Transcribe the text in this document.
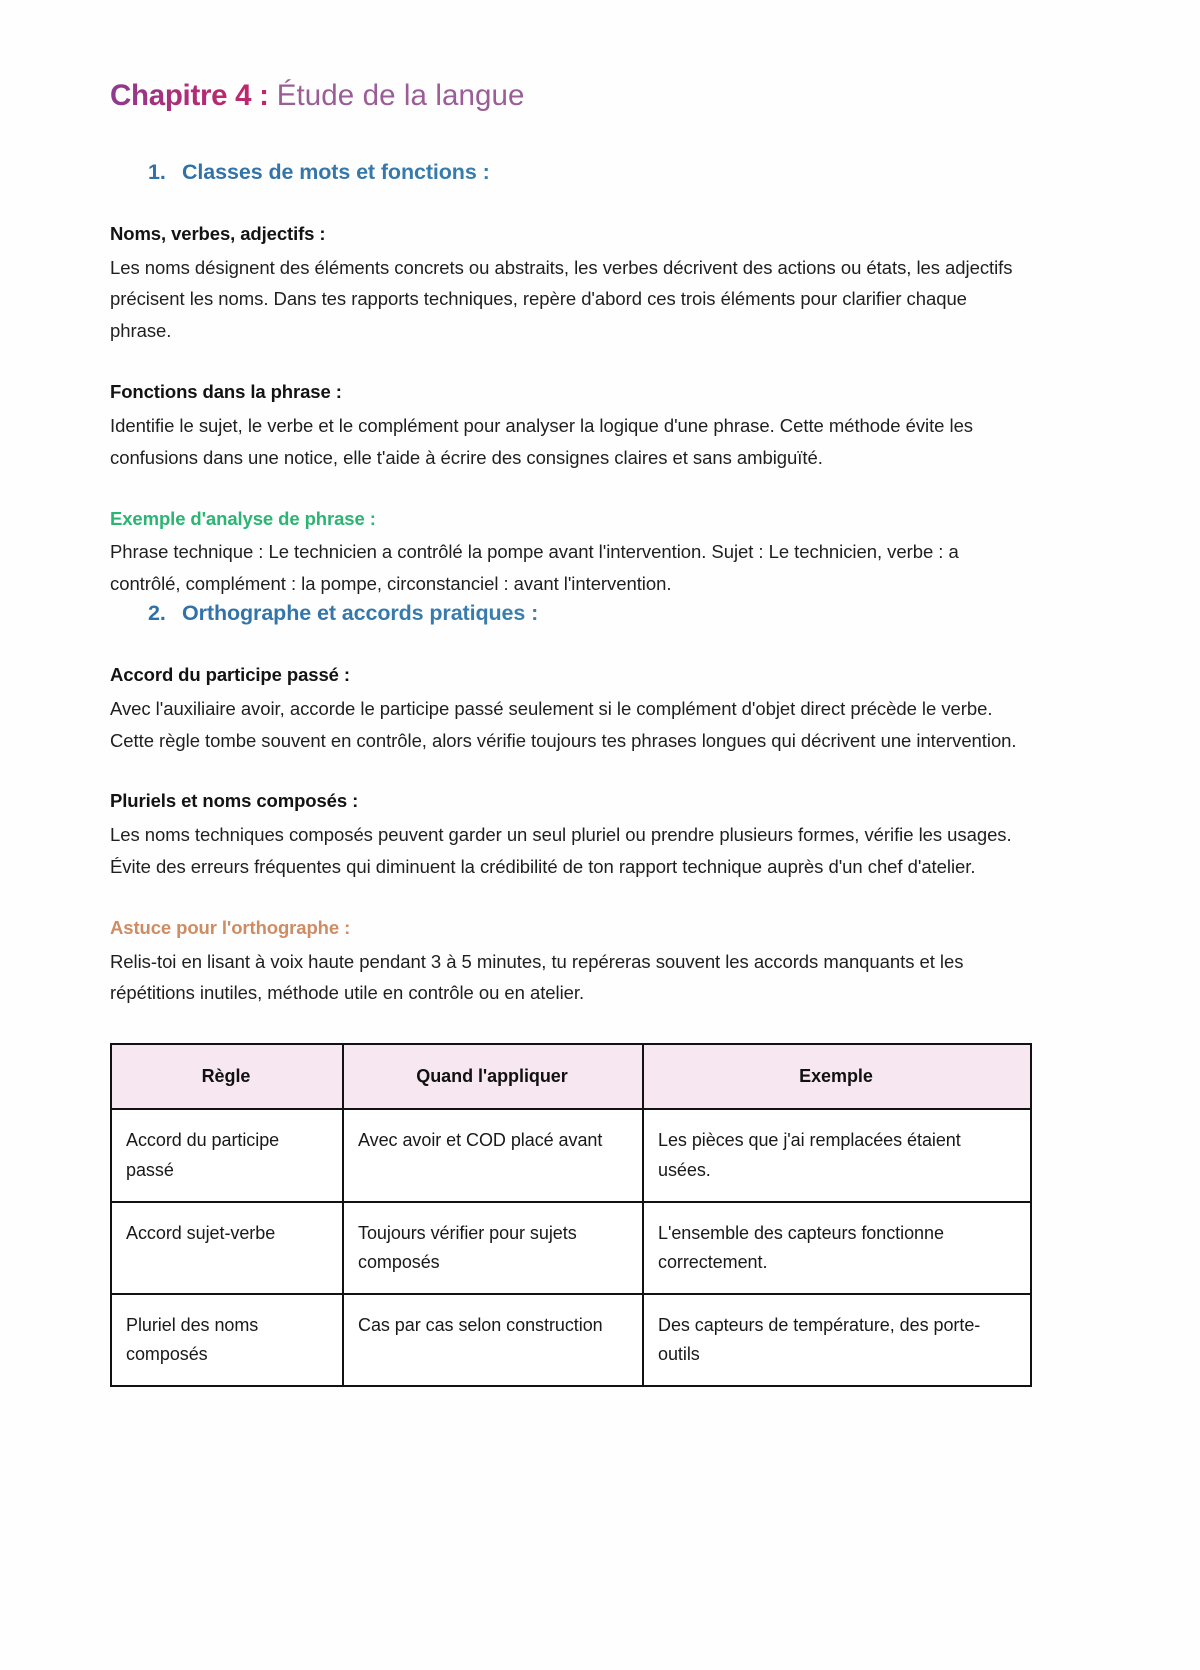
Chapitre 4 : Étude de la langue
1. Classes de mots et fonctions :

Noms, verbes, adjectifs :

Les noms désignent des éléments concrets ou abstraits, les verbes décrivent des actions ou états, les adjectifs précisent les noms. Dans tes rapports techniques, repère d'abord ces trois éléments pour clarifier chaque phrase.

Fonctions dans la phrase :

Identifie le sujet, le verbe et le complément pour analyser la logique d'une phrase. Cette méthode évite les confusions dans une notice, elle t'aide à écrire des consignes claires et sans ambiguïté.

Exemple d'analyse de phrase :

Phrase technique : Le technicien a contrôlé la pompe avant l'intervention. Sujet : Le technicien, verbe : a contrôlé, complément : la pompe, circonstanciel : avant l'intervention.

2. Orthographe et accords pratiques :

Accord du participe passé :

Avec l'auxiliaire avoir, accorde le participe passé seulement si le complément d'objet direct précède le verbe. Cette règle tombe souvent en contrôle, alors vérifie toujours tes phrases longues qui décrivent une intervention.

Pluriels et noms composés :

Les noms techniques composés peuvent garder un seul pluriel ou prendre plusieurs formes, vérifie les usages. Évite des erreurs fréquentes qui diminuent la crédibilité de ton rapport technique auprès d'un chef d'atelier.

Astuce pour l'orthographe :

Relis-toi en lisant à voix haute pendant 3 à 5 minutes, tu repéreras souvent les accords manquants et les répétitions inutiles, méthode utile en contrôle ou en atelier.

Règle	Quand l'appliquer	Exemple
Accord du participe passé	Avec avoir et COD placé avant	Les pièces que j'ai remplacées étaient usées.
Accord sujet-verbe	Toujours vérifier pour sujets composés	L'ensemble des capteurs fonctionne correctement.
Pluriel des noms composés	Cas par cas selon construction	Des capteurs de température, des porte-outils
